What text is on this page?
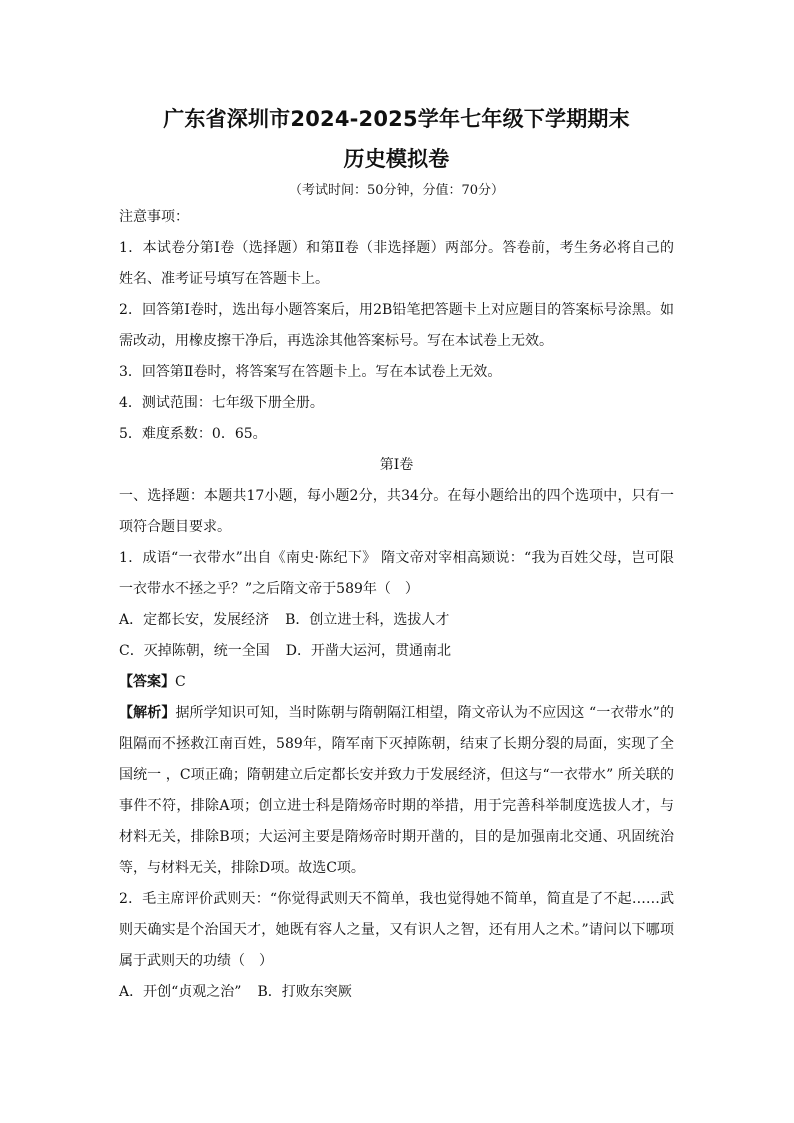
广东省深圳市2024-2025学年七年级下学期期末
历史模拟卷
（考试时间：50分钟，分值：70分）

注意事项：

1．本试卷分第Ⅰ卷（选择题）和第Ⅱ卷（非选择题）两部分。答卷前，考生务必将自己的姓名、准考证号填写在答题卡上。

2．回答第Ⅰ卷时，选出每小题答案后，用2B铅笔把答题卡上对应题目的答案标号涂黑。如需改动，用橡皮擦干净后，再选涂其他答案标号。写在本试卷上无效。

3．回答第Ⅱ卷时，将答案写在答题卡上。写在本试卷上无效。

4．测试范围：七年级下册全册。

5．难度系数：0．65。

第Ⅰ卷

一、选择题：本题共17小题，每小题2分，共34分。在每小题给出的四个选项中，只有一项符合题目要求。

1．成语“一衣带水”出自《南史·陈纪下》 隋文帝对宰相高颎说：“我为百姓父母，岂可限一衣带水不拯之乎？”之后隋文帝于589年（　）

A．定都长安，发展经济 B．创立进士科，选拔人才
C．灭掉陈朝，统一全国 D．开凿大运河，贯通南北

【答案】C

【解析】据所学知识可知，当时陈朝与隋朝隔江相望，隋文帝认为不应因这 “一衣带水”的阻隔而不拯救江南百姓，589年，隋军南下灭掉陈朝，结束了长期分裂的局面，实现了全国统一 ，C项正确；隋朝建立后定都长安并致力于发展经济，但这与“一衣带水” 所关联的事件不符，排除A项；创立进士科是隋炀帝时期的举措，用于完善科举制度选拔人才，与材料无关，排除B项；大运河主要是隋炀帝时期开凿的，目的是加强南北交通、巩固统治等，与材料无关，排除D项。故选C项。

2．毛主席评价武则天：“你觉得武则天不简单，我也觉得她不简单，简直是了不起……武则天确实是个治国天才，她既有容人之量，又有识人之智，还有用人之术。”请问以下哪项属于武则天的功绩（　）

A．开创“贞观之治” B．打败东突厥
